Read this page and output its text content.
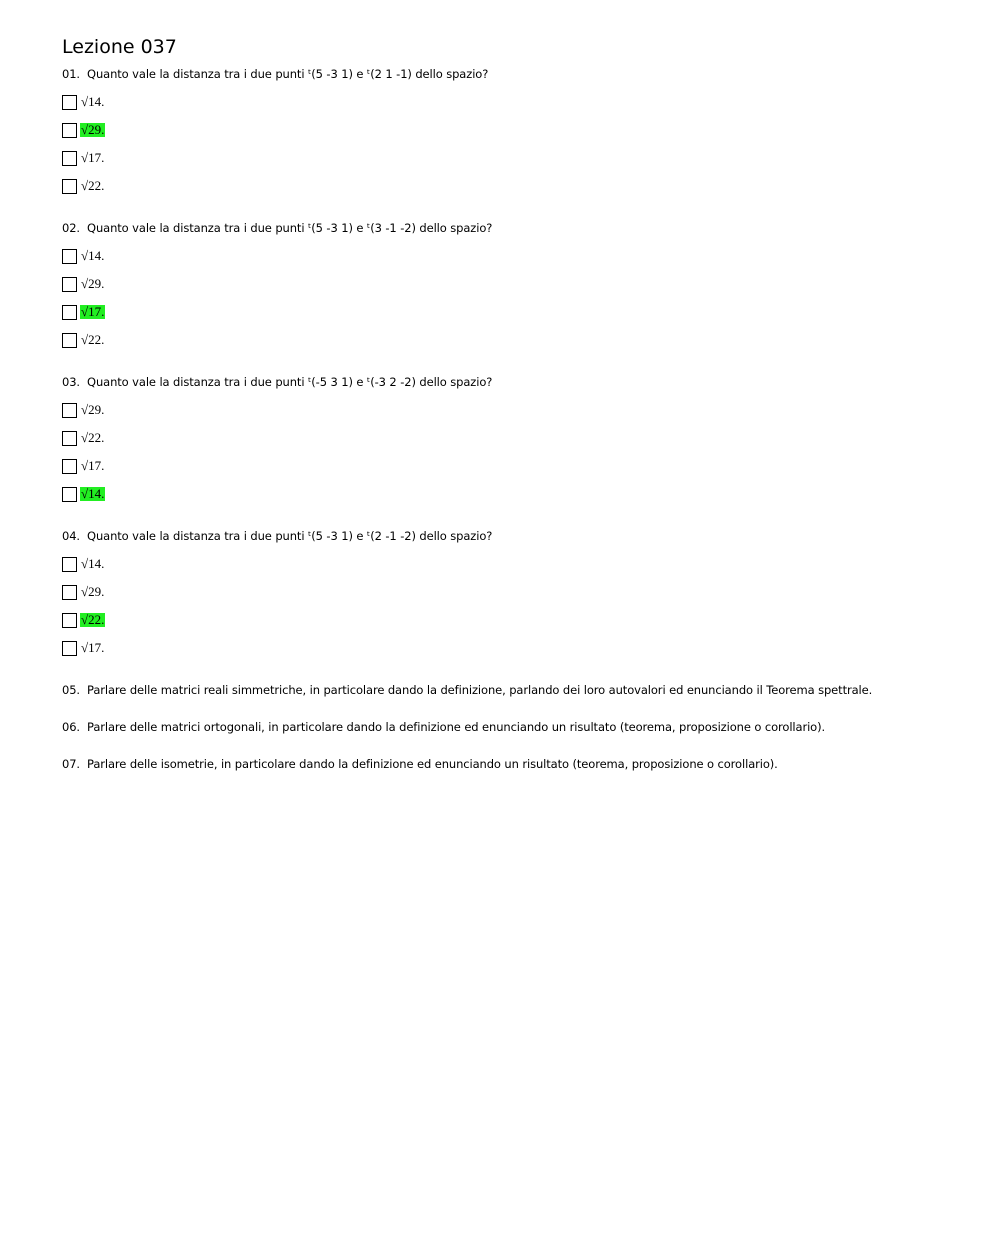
Lezione 037

01. Quanto vale la distanza tra i due punti ᵗ(5 -3 1) e ᵗ(2 1 -1) dello spazio?

√14.
√29.
√17.
√22.

02. Quanto vale la distanza tra i due punti ᵗ(5 -3 1) e ᵗ(3 -1 -2) dello spazio?

√14.
√29.
√17.
√22.

03. Quanto vale la distanza tra i due punti ᵗ(-5 3 1) e ᵗ(-3 2 -2) dello spazio?

√29.
√22.
√17.
√14.

04. Quanto vale la distanza tra i due punti ᵗ(5 -3 1) e ᵗ(2 -1 -2) dello spazio?

√14.
√29.
√22.
√17.

05. Parlare delle matrici reali simmetriche, in particolare dando la definizione, parlando dei loro autovalori ed enunciando il Teorema spettrale.

06. Parlare delle matrici ortogonali, in particolare dando la definizione ed enunciando un risultato (teorema, proposizione o corollario).

07. Parlare delle isometrie, in particolare dando la definizione ed enunciando un risultato (teorema, proposizione o corollario).
